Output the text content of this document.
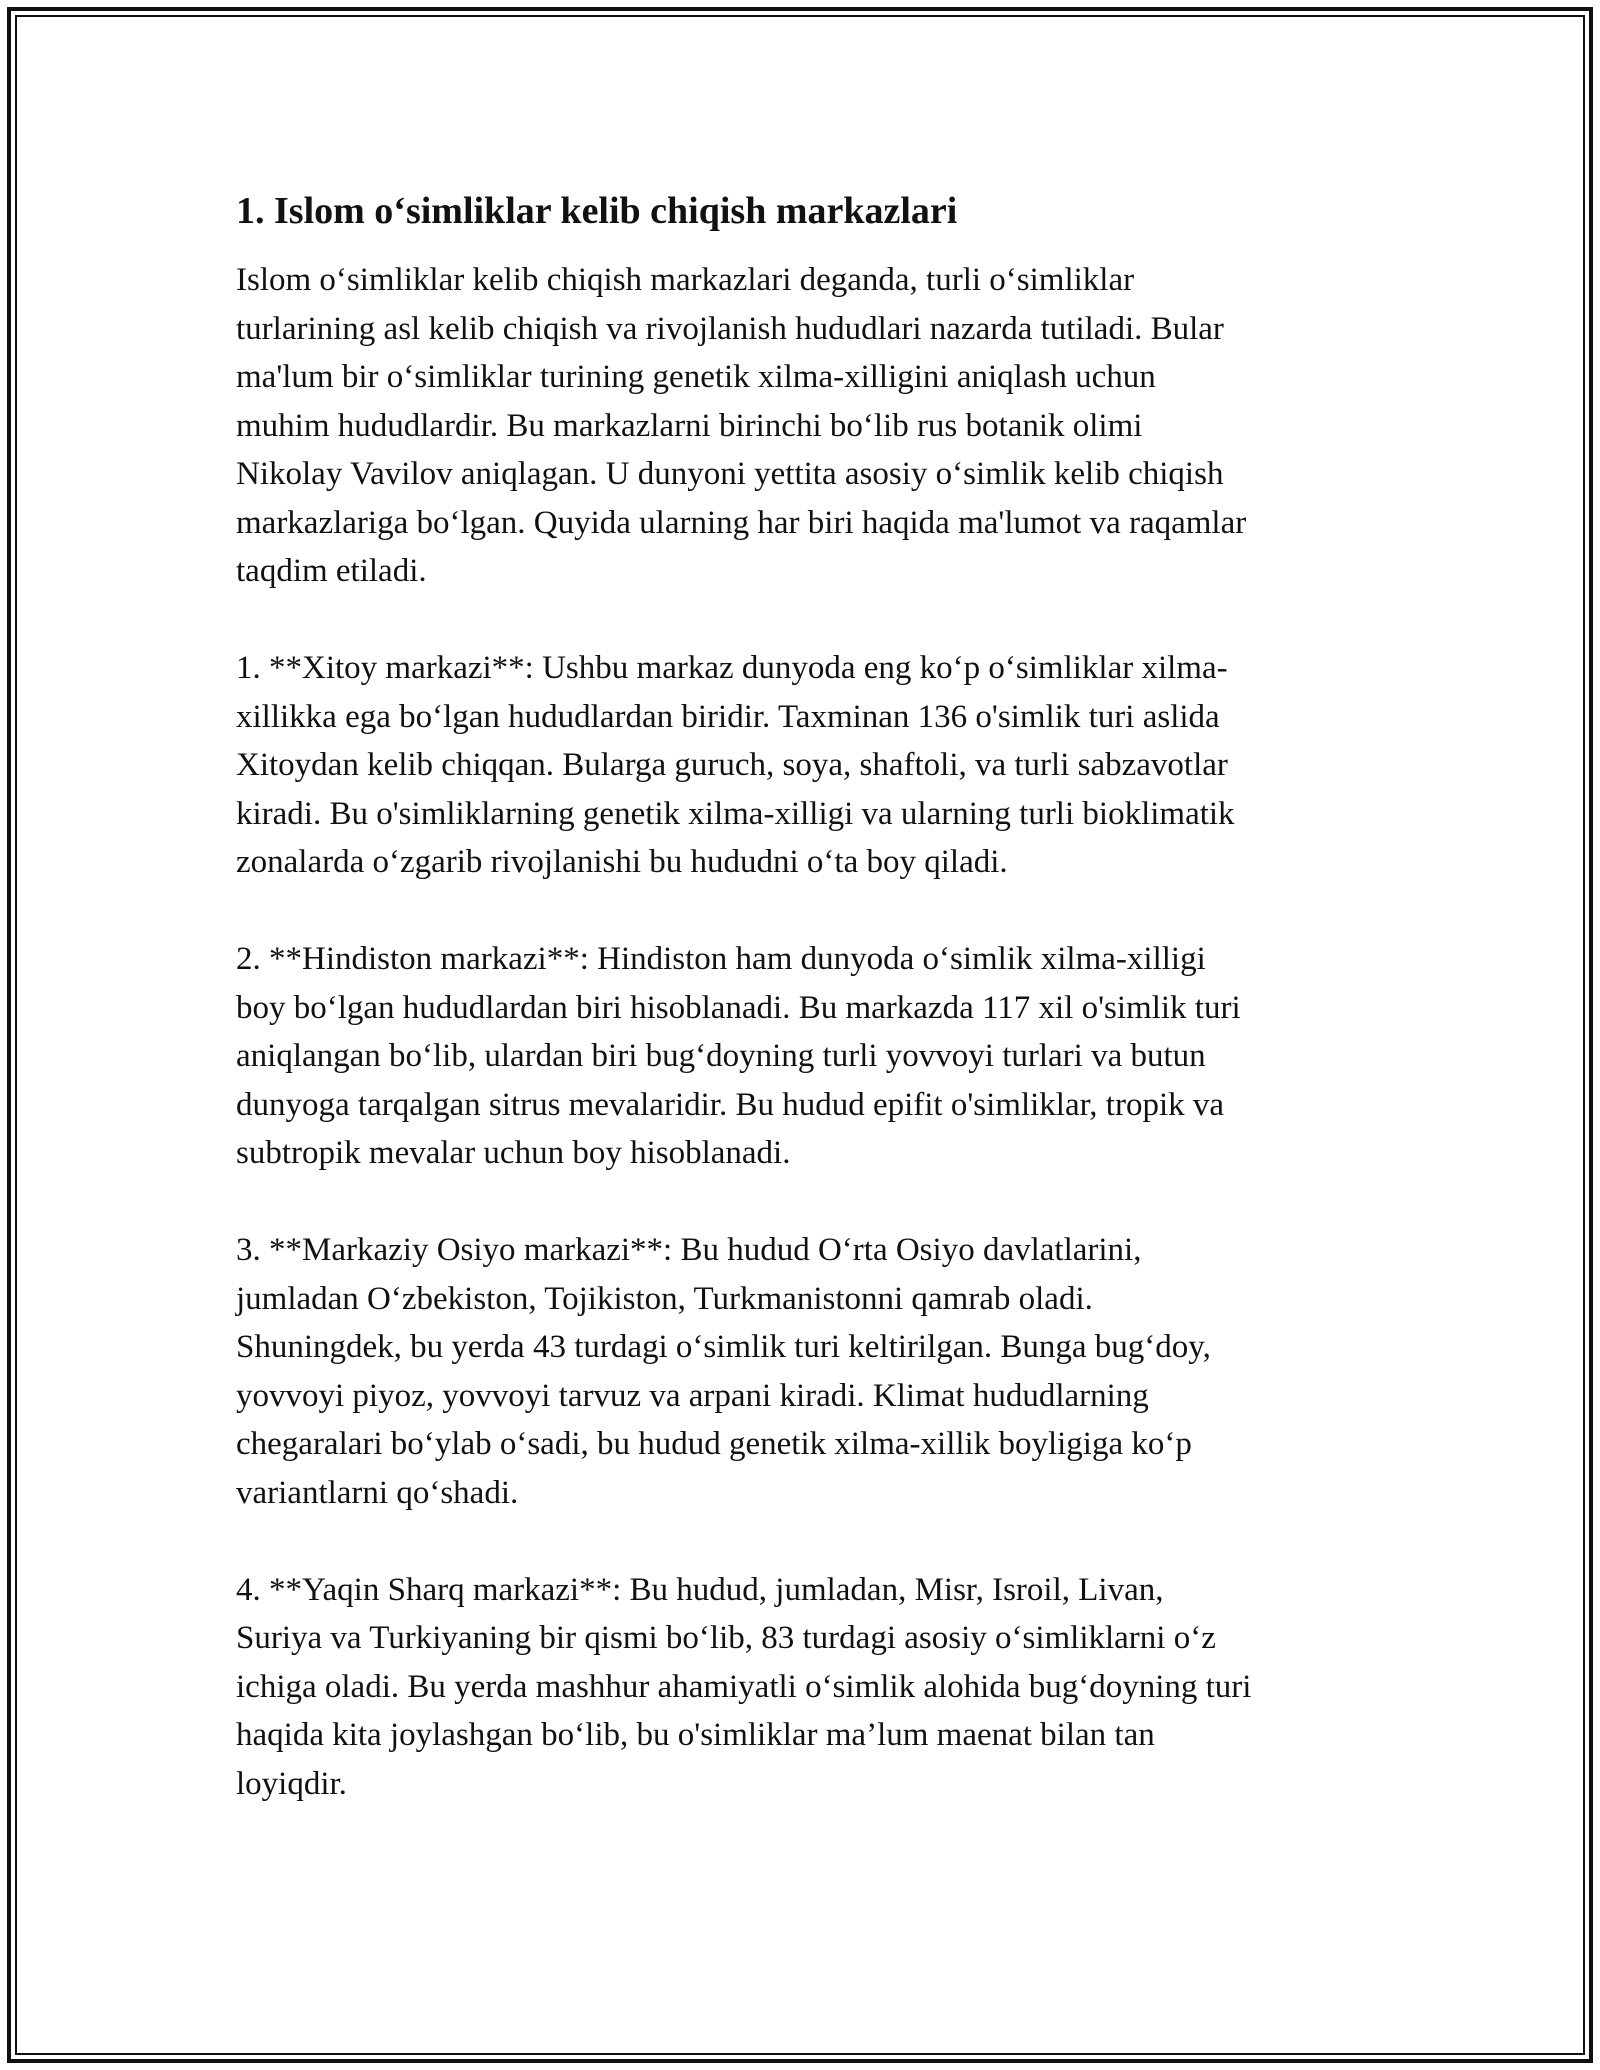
1. Islom o‘simliklar kelib chiqish markazlari

Islom o‘simliklar kelib chiqish markazlari deganda, turli o‘simliklar
turlarining asl kelib chiqish va rivojlanish hududlari nazarda tutiladi. Bular
ma'lum bir o‘simliklar turining genetik xilma-xilligini aniqlash uchun
muhim hududlardir. Bu markazlarni birinchi bo‘lib rus botanik olimi
Nikolay Vavilov aniqlagan. U dunyoni yettita asosiy o‘simlik kelib chiqish
markazlariga bo‘lgan. Quyida ularning har biri haqida ma'lumot va raqamlar
taqdim etiladi.

1. **Xitoy markazi**: Ushbu markaz dunyoda eng ko‘p o‘simliklar xilma-
xillikka ega bo‘lgan hududlardan biridir. Taxminan 136 o'simlik turi aslida
Xitoydan kelib chiqqan. Bularga guruch, soya, shaftoli, va turli sabzavotlar
kiradi. Bu o'simliklarning genetik xilma-xilligi va ularning turli bioklimatik
zonalarda o‘zgarib rivojlanishi bu hududni o‘ta boy qiladi.

2. **Hindiston markazi**: Hindiston ham dunyoda o‘simlik xilma-xilligi
boy bo‘lgan hududlardan biri hisoblanadi. Bu markazda 117 xil o'simlik turi
aniqlangan bo‘lib, ulardan biri bug‘doyning turli yovvoyi turlari va butun
dunyoga tarqalgan sitrus mevalaridir. Bu hudud epifit o'simliklar, tropik va
subtropik mevalar uchun boy hisoblanadi.

3. **Markaziy Osiyo markazi**: Bu hudud O‘rta Osiyo davlatlarini,
jumladan O‘zbekiston, Tojikiston, Turkmanistonni qamrab oladi.
Shuningdek, bu yerda 43 turdagi o‘simlik turi keltirilgan. Bunga bug‘doy,
yovvoyi piyoz, yovvoyi tarvuz va arpani kiradi. Klimat hududlarning
chegaralari bo‘ylab o‘sadi, bu hudud genetik xilma-xillik boyligiga ko‘p
variantlarni qo‘shadi.

4. **Yaqin Sharq markazi**: Bu hudud, jumladan, Misr, Isroil, Livan,
Suriya va Turkiyaning bir qismi bo‘lib, 83 turdagi asosiy o‘simliklarni o‘z
ichiga oladi. Bu yerda mashhur ahamiyatli o‘simlik alohida bug‘doyning turi
haqida kita joylashgan bo‘lib, bu o'simliklar ma’lum maenat bilan tan
loyiqdir.
